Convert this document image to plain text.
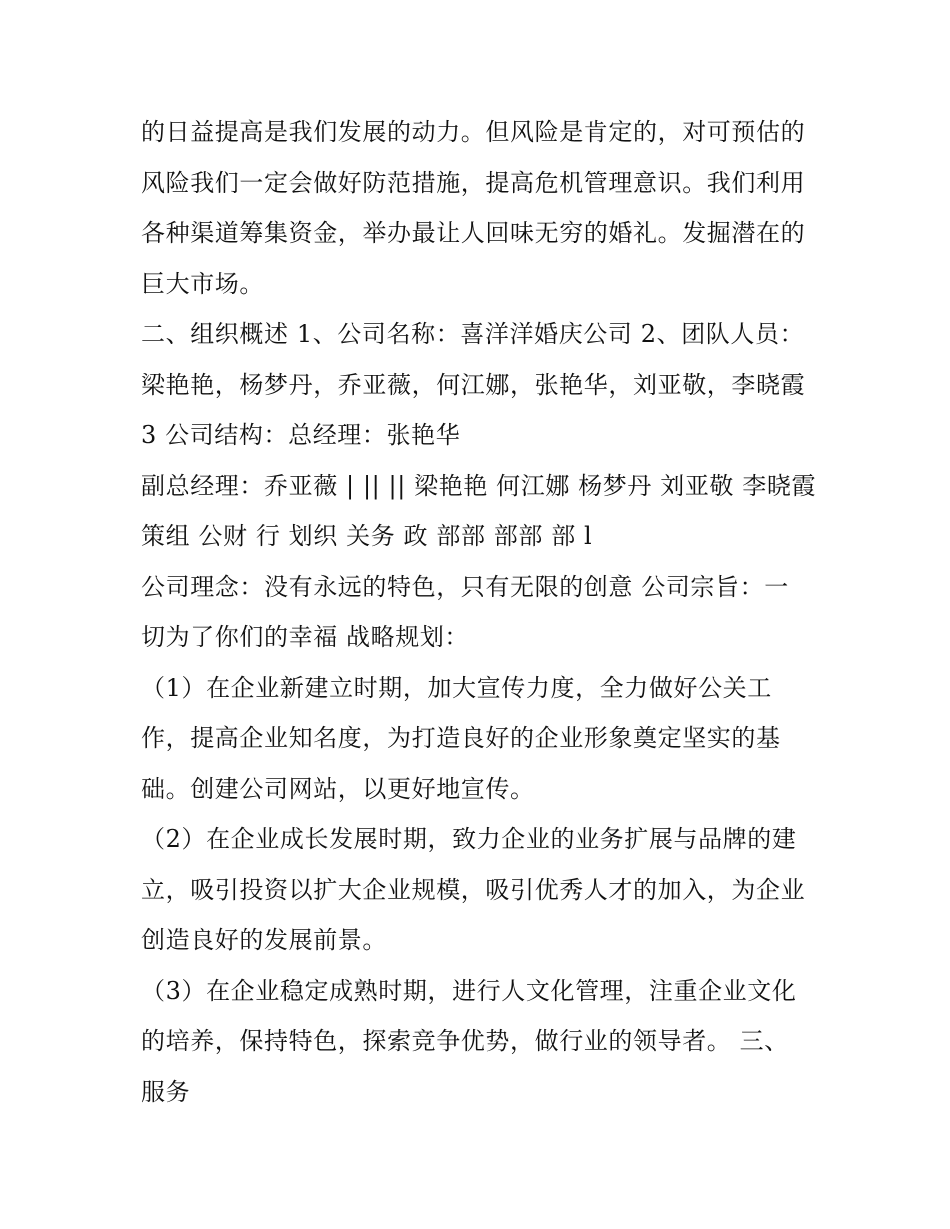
的日益提高是我们发展的动力。但风险是肯定的，对可预估的
风险我们一定会做好防范措施，提高危机管理意识。我们利用
各种渠道筹集资金，举办最让人回味无穷的婚礼。发掘潜在的
巨大市场。
二、组织概述 1、公司名称：喜洋洋婚庆公司 2、团队人员：
梁艳艳，杨梦丹，乔亚薇，何江娜，张艳华，刘亚敬，李晓霞
3 公司结构：总经理：张艳华
副总经理：乔亚薇 | || || 梁艳艳 何江娜 杨梦丹 刘亚敬 李晓霞
策组 公财 行 划织 关务 政 部部 部部 部 l
公司理念：没有永远的特色，只有无限的创意 公司宗旨：一
切为了你们的幸福 战略规划：
（1）在企业新建立时期，加大宣传力度，全力做好公关工
作，提高企业知名度，为打造良好的企业形象奠定坚实的基
础。创建公司网站，以更好地宣传。
（2）在企业成长发展时期，致力企业的业务扩展与品牌的建
立，吸引投资以扩大企业规模，吸引优秀人才的加入，为企业
创造良好的发展前景。
（3）在企业稳定成熟时期，进行人文化管理，注重企业文化
的培养，保持特色，探索竞争优势，做行业的领导者。 三、
服务
